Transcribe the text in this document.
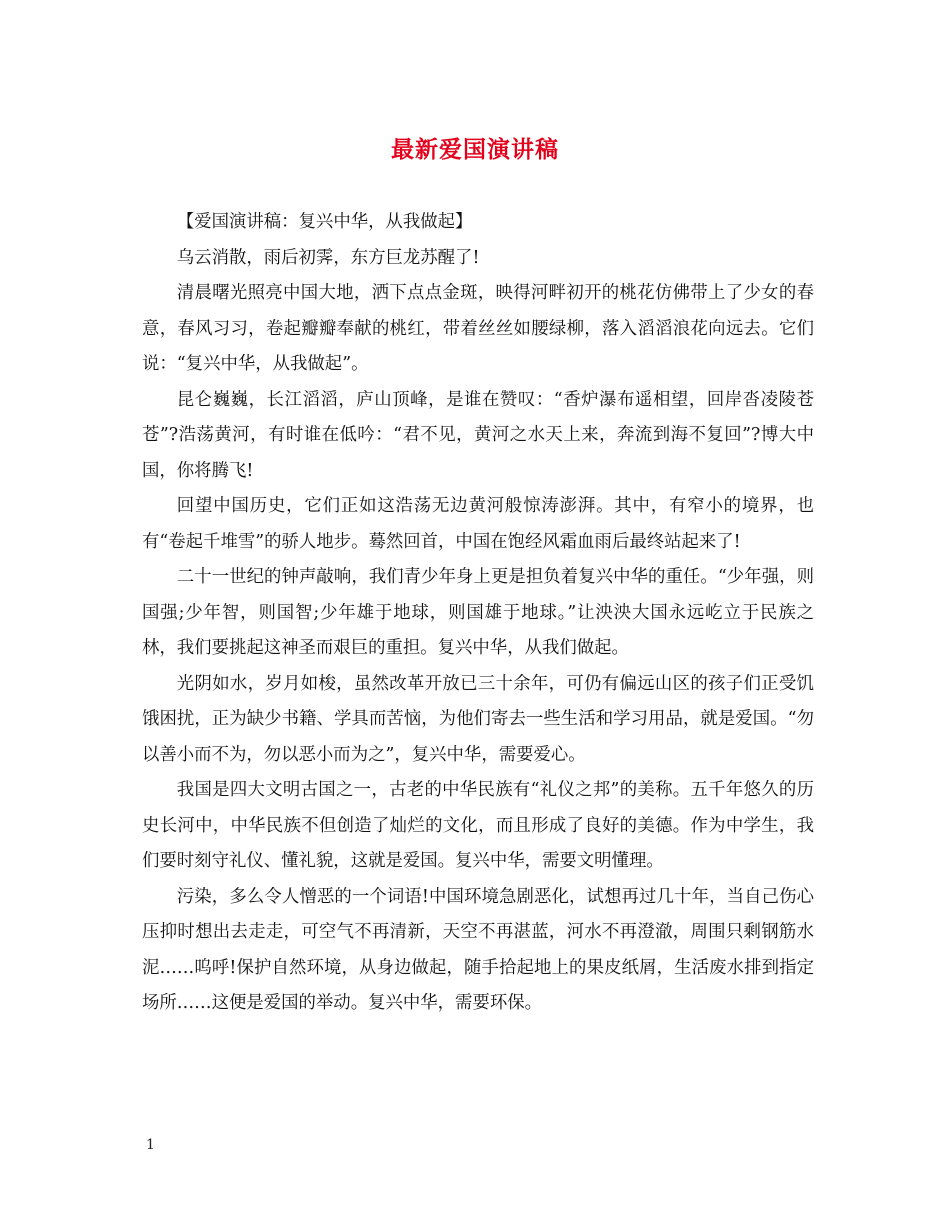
最新爱国演讲稿

【爱国演讲稿：复兴中华，从我做起】

乌云消散，雨后初霁，东方巨龙苏醒了!

清晨曙光照亮中国大地，洒下点点金斑，映得河畔初开的桃花仿佛带上了少女的春意，春风习习，卷起瓣瓣奉献的桃红，带着丝丝如腰绿柳，落入滔滔浪花向远去。它们说：“复兴中华，从我做起”。

昆仑巍巍，长江滔滔，庐山顶峰，是谁在赞叹：“香炉瀑布遥相望，回岸沓凌陵苍苍”?浩荡黄河，有时谁在低吟：“君不见，黄河之水天上来，奔流到海不复回”?博大中国，你将腾飞!

回望中国历史，它们正如这浩荡无边黄河般惊涛澎湃。其中，有窄小的境界，也有“卷起千堆雪”的骄人地步。蓦然回首，中国在饱经风霜血雨后最终站起来了!

二十一世纪的钟声敲响，我们青少年身上更是担负着复兴中华的重任。“少年强，则国强;少年智，则国智;少年雄于地球，则国雄于地球。”让泱泱大国永远屹立于民族之林，我们要挑起这神圣而艰巨的重担。复兴中华，从我们做起。

光阴如水，岁月如梭，虽然改革开放已三十余年，可仍有偏远山区的孩子们正受饥饿困扰，正为缺少书籍、学具而苦恼，为他们寄去一些生活和学习用品，就是爱国。“勿以善小而不为，勿以恶小而为之”，复兴中华，需要爱心。

我国是四大文明古国之一，古老的中华民族有“礼仪之邦”的美称。五千年悠久的历史长河中，中华民族不但创造了灿烂的文化，而且形成了良好的美德。作为中学生，我们要时刻守礼仪、懂礼貌，这就是爱国。复兴中华，需要文明懂理。

污染，多么令人憎恶的一个词语!中国环境急剧恶化，试想再过几十年，当自己伤心压抑时想出去走走，可空气不再清新，天空不再湛蓝，河水不再澄澈，周围只剩钢筋水泥……呜呼!保护自然环境，从身边做起，随手拾起地上的果皮纸屑，生活废水排到指定场所……这便是爱国的举动。复兴中华，需要环保。

1
